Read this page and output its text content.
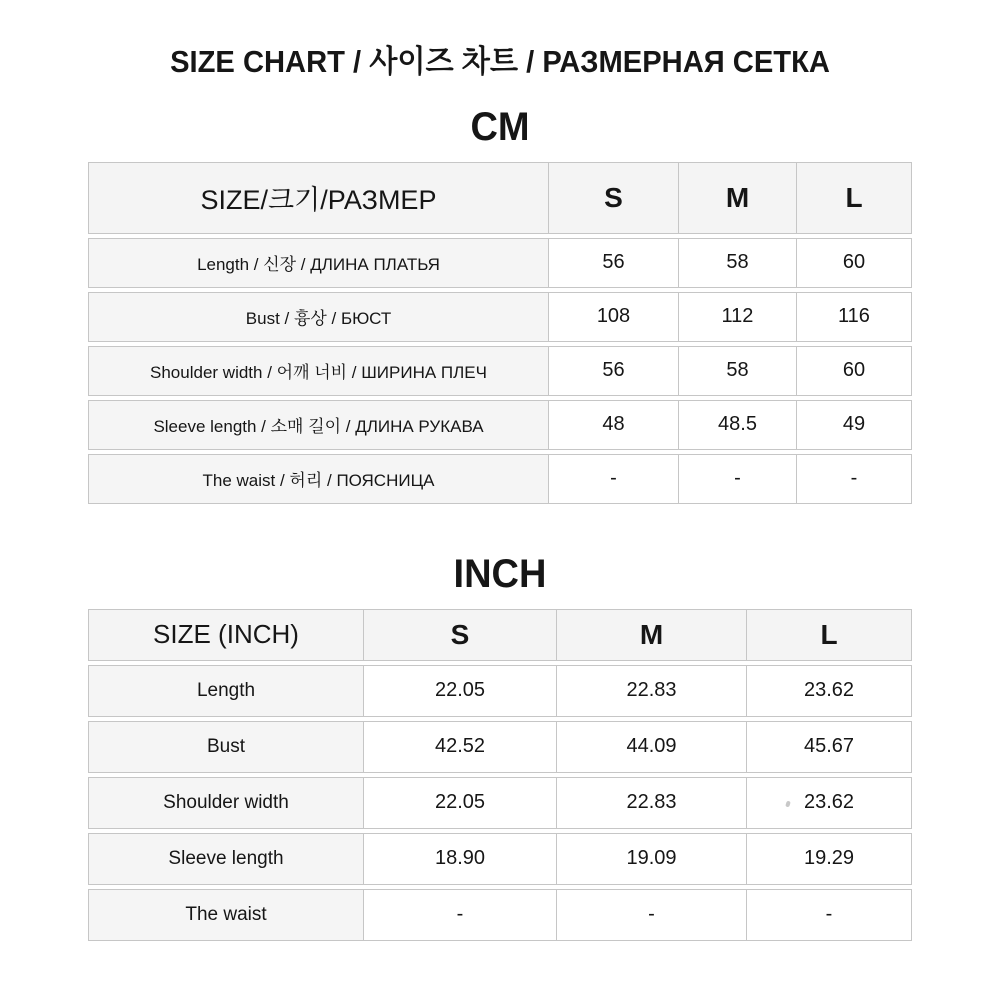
SIZE CHART / 사이즈 차트 / РАЗМЕРНАЯ СЕТКА
CM
SIZE/크기/РАЗМЕР	S	M	L
Length / 신장 / ДЛИНА ПЛАТЬЯ	56	58	60
Bust / 흉상 / БЮСТ	108	112	116
Shoulder width / 어깨 너비 / ШИРИНА ПЛЕЧ	56	58	60
Sleeve length / 소매 길이 / ДЛИНА РУКАВА	48	48.5	49
The waist / 허리 / ПОЯСНИЦА	-	-	-
INCH
SIZE (INCH)	S	M	L
Length	22.05	22.83	23.62
Bust	42.52	44.09	45.67
Shoulder width	22.05	22.83	23.62
Sleeve length	18.90	19.09	19.29
The waist	-	-	-
